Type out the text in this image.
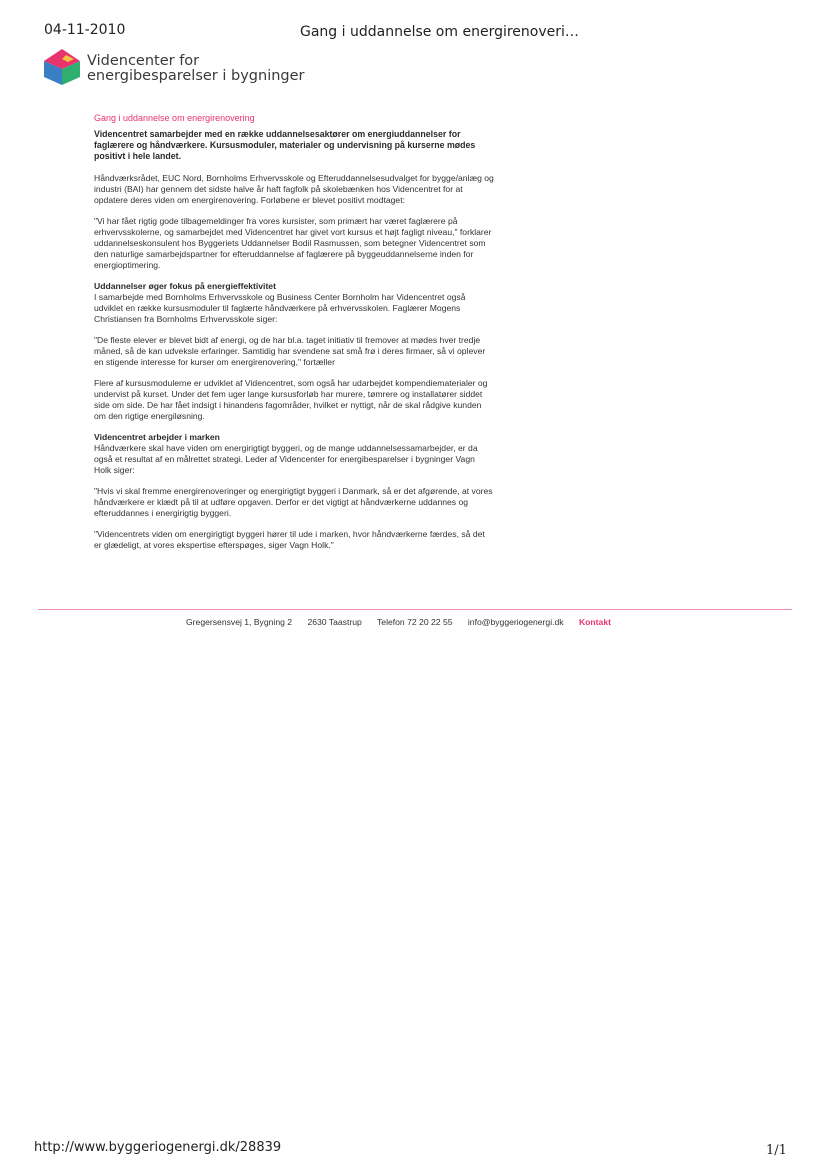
04-11-2010	Gang i uddannelse om energirenoveri…
Videncenter for
energibesparelser i bygninger
Gang i uddannelse om energirenovering
Videncentret samarbejder med en række uddannelsesaktører om energiuddannelser for faglærere og håndværkere. Kursusmoduler, materialer og undervisning på kurserne mødes positivt i hele landet.

Håndværksrådet, EUC Nord, Bornholms Erhvervsskole og Efteruddannelsesudvalget for bygge/anlæg og industri (BAI) har gennem det sidste halve år haft fagfolk på skolebænken hos Videncentret for at opdatere deres viden om energirenovering. Forløbene er blevet positivt modtaget:

"Vi har fået rigtig gode tilbagemeldinger fra vores kursister, som primært har været faglærere på erhvervsskolerne, og samarbejdet med Videncentret har givet vort kursus et højt fagligt niveau," forklarer uddannelseskonsulent hos Byggeriets Uddannelser Bodil Rasmussen, som betegner Videncentret som den naturlige samarbejdspartner for efteruddannelse af faglærere på byggeuddannelserne inden for energioptimering.

Uddannelser øger fokus på energieffektivitet

I samarbejde med Bornholms Erhvervsskole og Business Center Bornholm har Videncentret også udviklet en række kursusmoduler til faglærte håndværkere på erhvervsskolen. Faglærer Mogens Christiansen fra Bornholms Erhvervsskole siger:

"De fleste elever er blevet bidt af energi, og de har bl.a. taget initiativ til fremover at mødes hver tredje måned, så de kan udveksle erfaringer. Samtidig har svendene sat små frø i deres firmaer, så vi oplever en stigende interesse for kurser om energirenovering," fortæller

Flere af kursusmodulerne er udviklet af Videncentret, som også har udarbejdet kompendiematerialer og undervist på kurset. Under det fem uger lange kursusforløb har murere, tømrere og installatører siddet side om side. De har fået indsigt i hinandens fagområder, hvilket er nyttigt, når de skal rådgive kunden om den rigtige energiløsning.

Videncentret arbejder i marken

Håndværkere skal have viden om energirigtigt byggeri, og de mange uddannelsessamarbejder, er da også et resultat af en målrettet strategi. Leder af Videncenter for energibesparelser i bygninger Vagn Holk siger:

"Hvis vi skal fremme energirenoveringer og energirigtigt byggeri i Danmark, så er det afgørende, at vores håndværkere er klædt på til at udføre opgaven. Derfor er det vigtigt at håndværkerne uddannes og efteruddannes i energirigtig byggeri.

"Videncentrets viden om energirigtigt byggeri hører til ude i marken, hvor håndværkerne færdes, så det er glædeligt, at vores ekspertise efterspøges, siger Vagn Holk."

Gregersensvej 1, Bygning 2 2630 Taastrup Telefon 72 20 22 55 info@byggeriogenergi.dk Kontakt
http://www.byggeriogenergi.dk/28839	1/1
